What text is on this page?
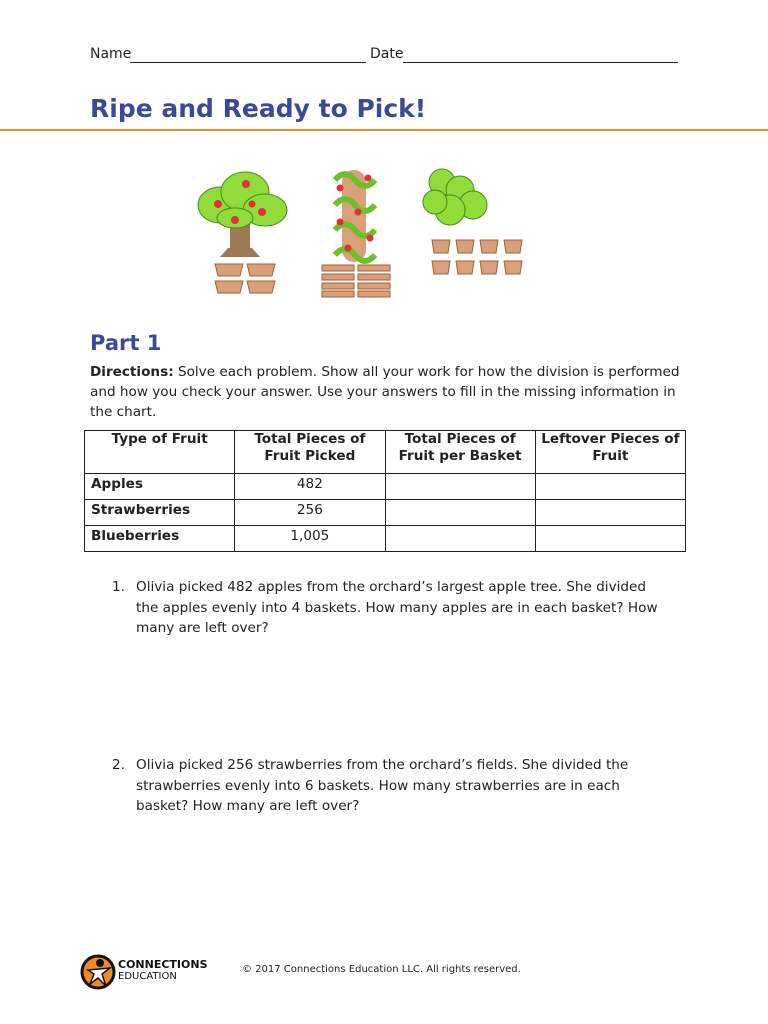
Name	Date
Ripe and Ready to Pick!
Part 1

Directions: Solve each problem. Show all your work for how the division is performed and how you check your answer. Use your answers to fill in the missing information in the chart.

Type of Fruit	Total Pieces of Fruit Picked	Total Pieces of Fruit per Basket	Leftover Pieces of Fruit
Apples	482		
Strawberries	256		
Blueberries	1,005		
1. Olivia picked 482 apples from the orchard’s largest apple tree. She divided the apples evenly into 4 baskets. How many apples are in each basket? How many are left over?
2. Olivia picked 256 strawberries from the orchard’s fields. She divided the strawberries evenly into 6 baskets. How many strawberries are in each basket? How many are left over?
CONNECTIONS
EDUCATION
© 2017 Connections Education LLC. All rights reserved.
